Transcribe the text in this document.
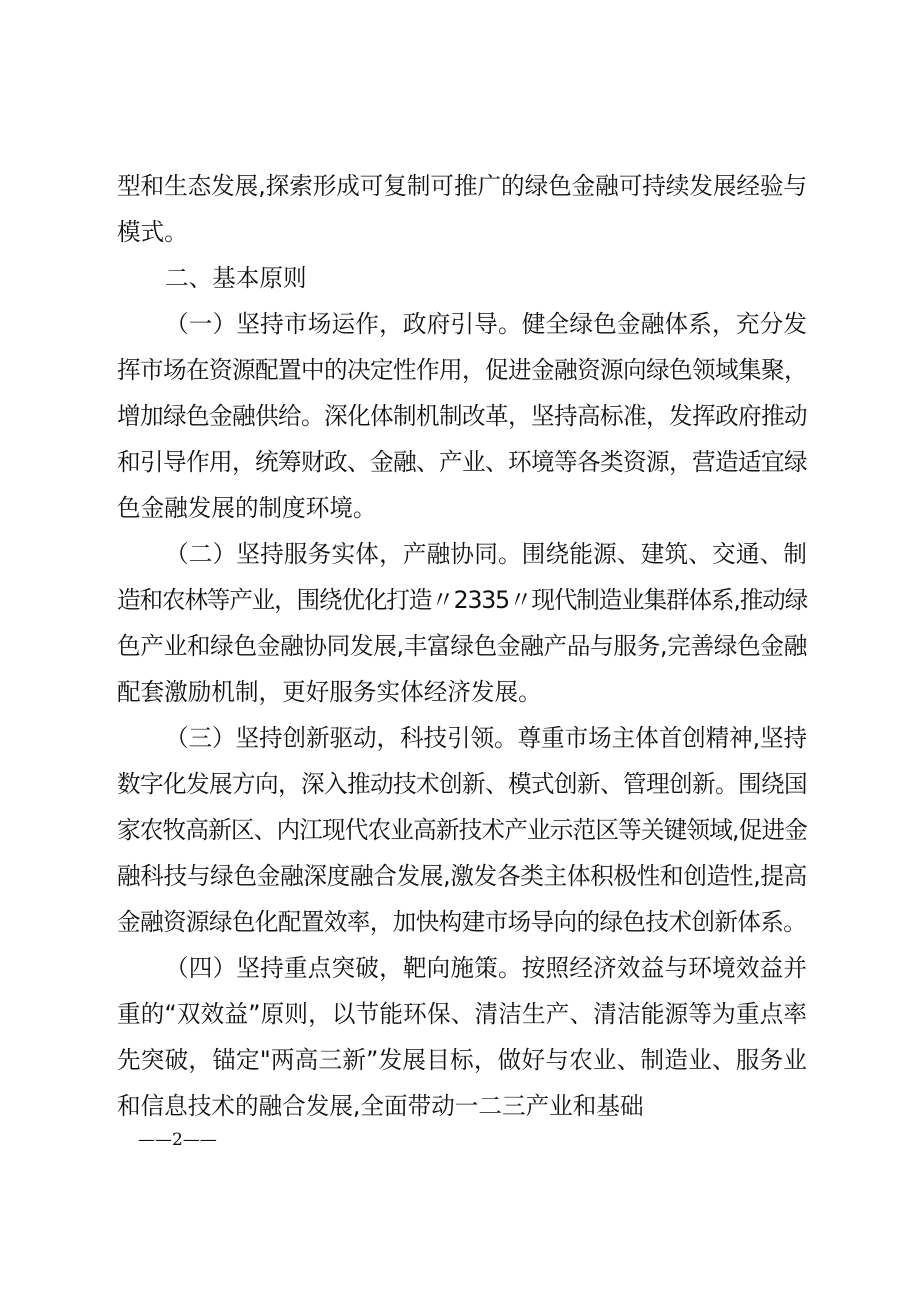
型和生态发展,探索形成可复制可推广的绿色金融可持续发展经验与
模式。
二、基本原则
（一）坚持市场运作，政府引导。健全绿色金融体系，充分发
挥市场在资源配置中的决定性作用，促进金融资源向绿色领域集聚，
增加绿色金融供给。深化体制机制改革，坚持高标准，发挥政府推动
和引导作用，统筹财政、金融、产业、环境等各类资源，营造适宜绿
色金融发展的制度环境。
（二）坚持服务实体，产融协同。围绕能源、建筑、交通、制
造和农林等产业，围绕优化打造〃2335〃现代制造业集群体系,推动绿
色产业和绿色金融协同发展,丰富绿色金融产品与服务,完善绿色金融
配套激励机制，更好服务实体经济发展。
（三）坚持创新驱动，科技引领。尊重市场主体首创精神,坚持
数字化发展方向，深入推动技术创新、模式创新、管理创新。围绕国
家农牧高新区、内江现代农业高新技术产业示范区等关键领域,促进金
融科技与绿色金融深度融合发展,激发各类主体积极性和创造性,提高
金融资源绿色化配置效率，加快构建市场导向的绿色技术创新体系。
（四）坚持重点突破，靶向施策。按照经济效益与环境效益并
重的“双效益”原则，以节能环保、清洁生产、清洁能源等为重点率
先突破，锚定"两高三新”发展目标，做好与农业、制造业、服务业
和信息技术的融合发展,全面带动一二三产业和基础
——2——
